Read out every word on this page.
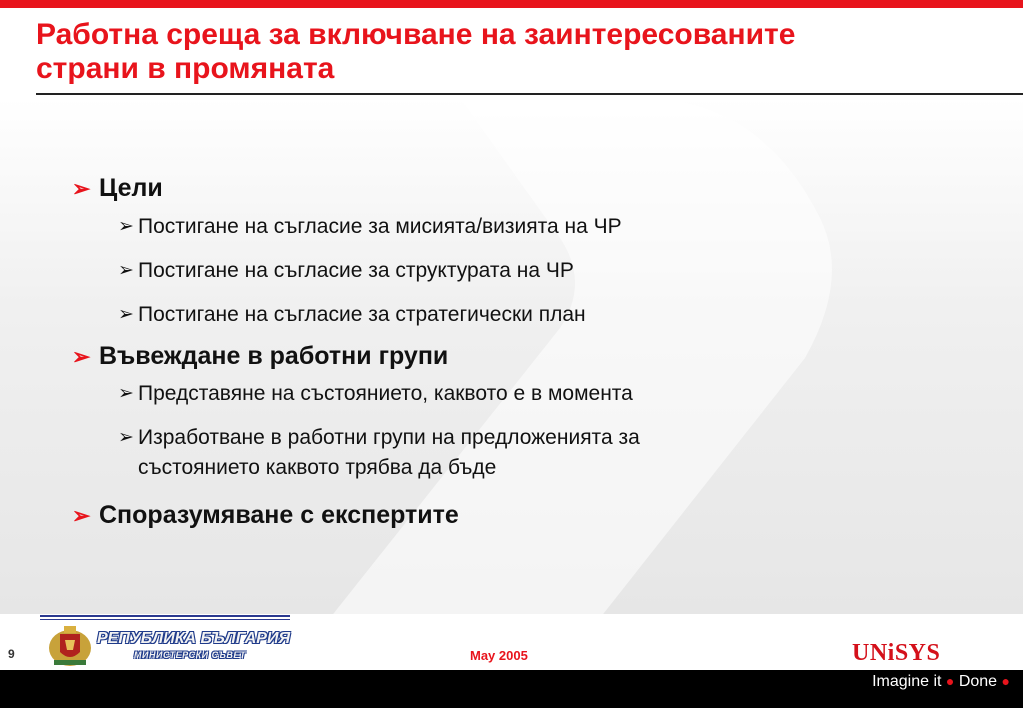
Работна среща за включване на заинтересованите
страни в промяната
➢ Цели
➢ Постигане на съгласие за мисията/визията на ЧР
➢ Постигане на съгласие за структурата на ЧР
➢ Постигане на съгласие за стратегически план
➢ Въвеждане в работни групи
➢ Представяне на състоянието, каквото е в момента
➢ Изработване в работни групи на предложенията за
състоянието каквото трябва да бъде
➢ Споразумяване с експертите
9
РЕПУБЛИКА БЪЛГАРИЯ
МИНИСТЕРСКИ СЪВЕТ	May 2005	UNiSYS
Imagine it ● Done ●
